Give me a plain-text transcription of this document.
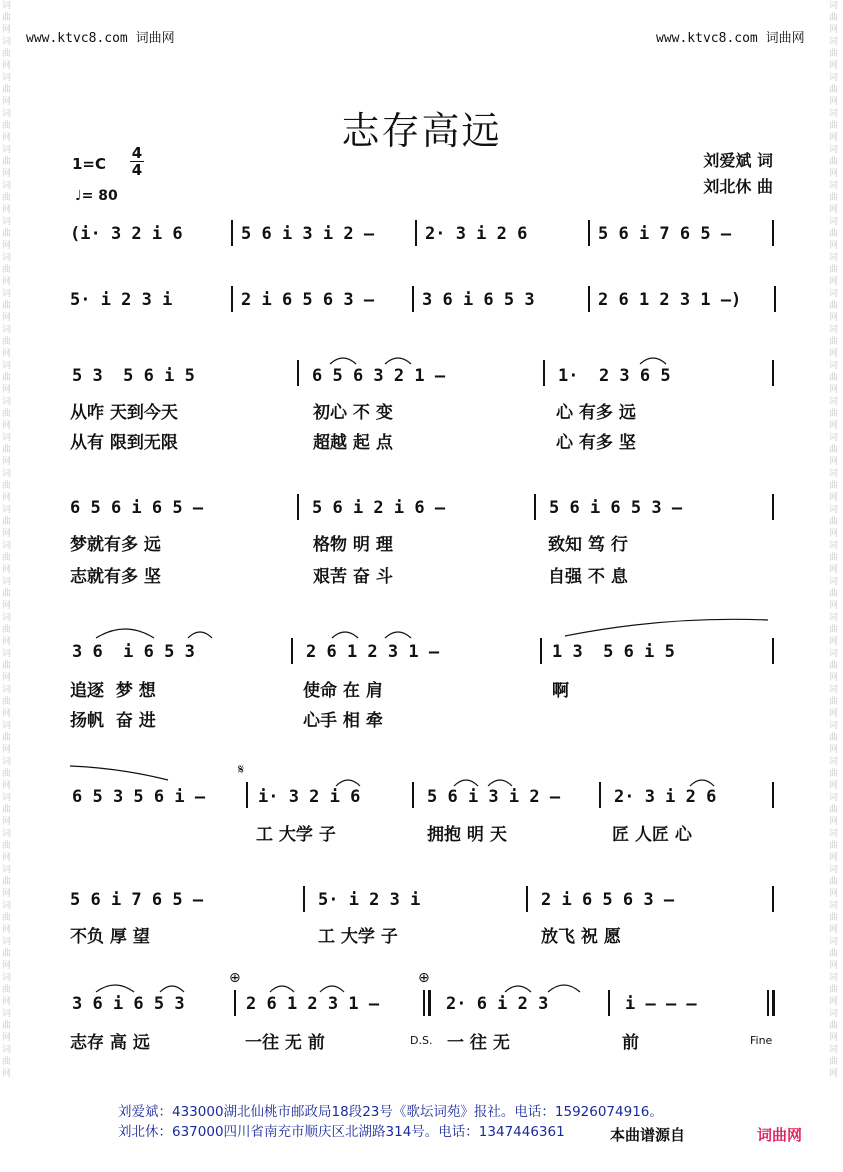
词曲网词曲网词曲网词曲网词曲网词曲网词曲网词曲网词曲网词曲网词曲网词曲网词曲网词曲网词曲网词曲网词曲网词曲网词曲网词曲网词曲网词曲网词曲网词曲网词曲网词曲网词曲网词曲网词曲网词曲网
词曲网词曲网词曲网词曲网词曲网词曲网词曲网词曲网词曲网词曲网词曲网词曲网词曲网词曲网词曲网词曲网词曲网词曲网词曲网词曲网词曲网词曲网词曲网词曲网词曲网词曲网词曲网词曲网词曲网词曲网
www.ktvc8.com 词曲网	www.ktvc8.com 词曲网
志存高远
刘爱斌 词
刘北休 曲
1=C
4
4
♩= 80
(i· 3 2 i 6	5 6 i 3 i 2 —	2· 3 i 2 6	5 6 i 7 6 5 —
5· i 2 3 i	2 i 6 5 6 3 —	3 6 i 6 5 3	2 6 1 2 3 1 —)
5 3  5 6 i 5	6 5 6 3 2 1 —	1·  2 3 6 5
从咋 天到今天	初心 不 变	心 有多 远
从有 限到无限	超越 起 点	心 有多 坚
6 5 6 i 6 5 —	5 6 i 2 i 6 —	5 6 i 6 5 3 —
梦就有多 远	格物 明 理	致知 笃 行
志就有多 坚	艰苦 奋 斗	自强 不 息
3 6  i 6 5 3	2 6 1 2 3 1 —	1 3  5 6 i 5
追逐  梦 想	使命 在 肩	啊
扬帆  奋 进	心手 相 牵
6 5 3 5 6 i —
𝄋
i· 3 2 i 6	5 6 i 3 i 2 —	2· 3 i 2 6
工 大学 子	拥抱 明 天	匠 人匠 心
5 6 i 7 6 5 —	5· i 2 3 i	2 i 6 5 6 3 —
不负 厚 望	工 大学 子	放飞 祝 愿
⊕	⊕
3 6 i 6 5 3	2 6 1 2 3 1 —	2· 6 i 2 3	i — — —
志存 高 远	一往 无 前	D.S. 一 往 无	前	Fine
刘爱斌：433000湖北仙桃市邮政局18段23号《歌坛词苑》报社。电话：15926074916。
刘北休：637000四川省南充市顺庆区北湖路314号。电话：1347446361	本曲谱源自	词曲网
